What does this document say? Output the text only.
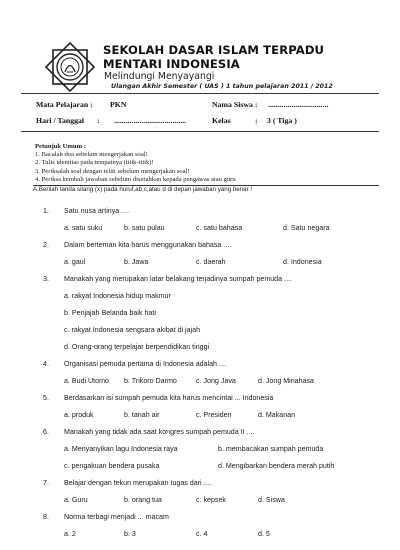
SEKOLAH DASAR ISLAM TERPADU
MENTARI INDONESIA
Melindungi Menyayangi
Ulangan Akhir Semester ( UAS ) 1 tahun pelajaran 2011 / 2012
Mata Pelajaran : PKN	Nama Siswa : ...............................
Hari / Tanggal : .....................................	Kelas	: 3 ( Tiga )
Petunjuk Umum :
1. Bacalah doa sebelum mengerjakan soal!
2. Tulis identitas pada tempatnya (titik-titik)!
3. Periksalah soal dengan teliti sebelum mengerjakan soal!
4. Periksa kembali jawaban sebelum diserahkan kepada pengawas atau guru
A.Berilah tanda silang (x) pada huruf,ab,c,atau d di depan jawaban yang benar !
1. Satu nusa artinya ....
a. satu suku	b. satu pulau	c. satu bahasa	d. Satu negara
2. Dalam berteman kita harus menggunakan bahasa ....
a. gaul	b. Jawa	c. daerah	d. Indonesia
3. Manakah yang merupakan latar belakang terjadinya sumpah pemuda ....
a. rakyat Indonesia hidup makmur
b. Penjajah Belanda baik hati
c. rakyat Indonesia sengsara akibat di jajah
d. Orang-orang terpelajar berpendidikan tinggi
4. Organisasi pemuda pertama di Indonesia adalah ....
a. Budi Utomo b. Trikoro Darmo	c. Jong Java	d. Jong Minahasa
5. Berdasarkan isi sumpah pemuda kita harus mencintai ... Indonesia
a. produk	b. tanah air	c. Presiden	d. Makanan
6. Manakah yang tidak ada saat kongres sumpah pemuda II ....
a. Menyanyikan lagu Indonesia raya	b. membacakan sumpah pemuda
c. pengakuan bendera pusaka	d. Mengibarkan bendera merah putih
7. Belajar dengan tekun merupakan tugas dari ....
a. Guru	b. orang tua	c. kepsek	d. Siswa
8. Norma terbagi menjadi ... macam
a. 2	b. 3	c. 4	d. 5
